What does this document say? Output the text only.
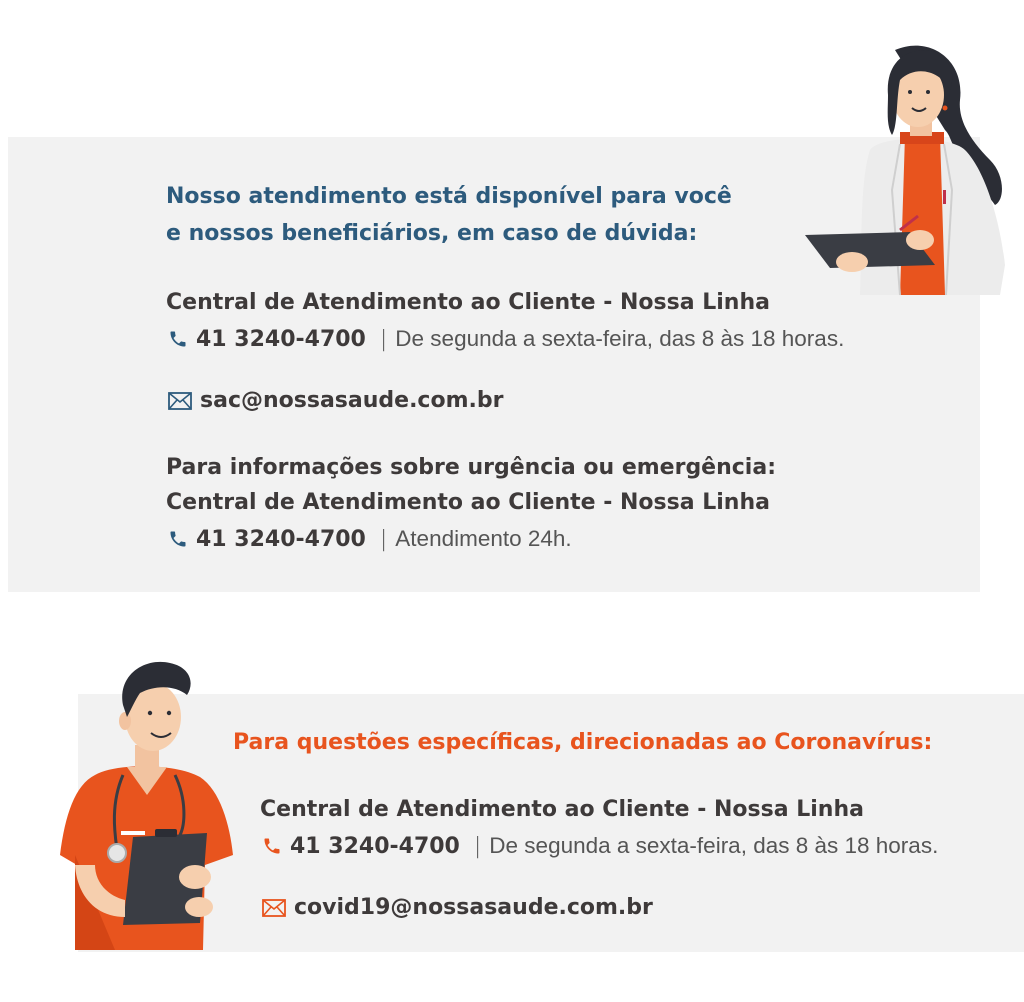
Nosso atendimento está disponível para você
e nossos beneficiários, em caso de dúvida:
Central de Atendimento ao Cliente - Nossa Linha
41 3240-4700 | De segunda a sexta-feira, das 8 às 18 horas.
sac@nossasaude.com.br
Para informações sobre urgência ou emergência:
Central de Atendimento ao Cliente - Nossa Linha
41 3240-4700 | Atendimento 24h.
Para questões específicas, direcionadas ao Coronavírus:
Central de Atendimento ao Cliente - Nossa Linha
41 3240-4700 | De segunda a sexta-feira, das 8 às 18 horas.
covid19@nossasaude.com.br
